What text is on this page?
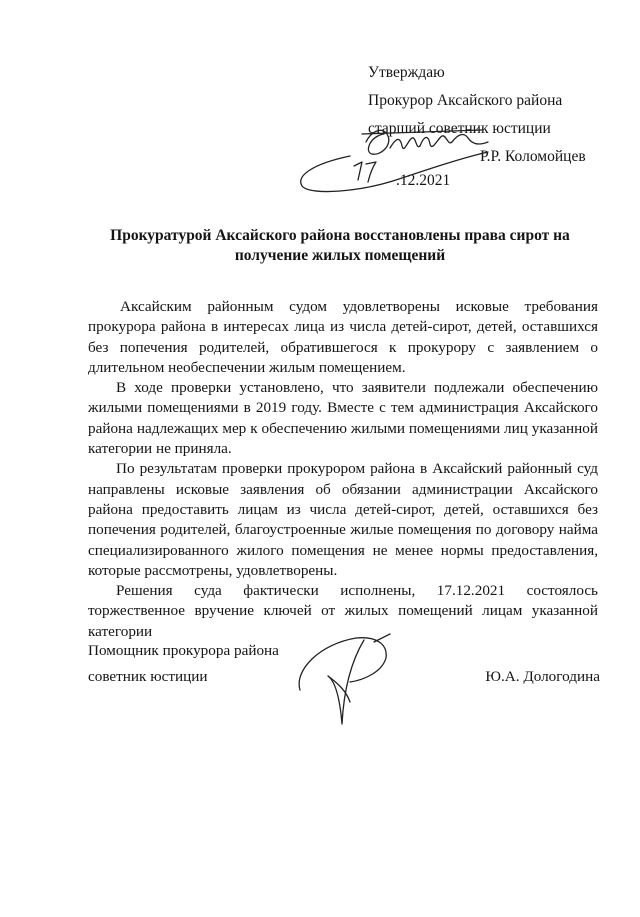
Утверждаю
Прокурор Аксайского района
старший советник юстиции
Р.Р. Коломойцев
.12.2021
Прокуратурой Аксайского района восстановлены права сирот на
получение жилых помещений

Аксайским районным судом удовлетворены исковые требования прокурора района в интересах лица из числа детей-сирот, детей, оставшихся без попечения родителей, обратившегося к прокурору с заявлением о длительном необеспечении жилым помещением.

В ходе проверки установлено, что заявители подлежали обеспечению жилыми помещениями в 2019 году. Вместе с тем администрация Аксайского района надлежащих мер к обеспечению жилыми помещениями лиц указанной категории не приняла.

По результатам проверки прокурором района в Аксайский районный суд направлены исковые заявления об обязании администрации Аксайского района предоставить лицам из числа детей-сирот, детей, оставшихся без попечения родителей, благоустроенные жилые помещения по договору найма специализированного жилого помещения не менее нормы предоставления, которые рассмотрены, удовлетворены.

Решения суда фактически исполнены, 17.12.2021 состоялось торжественное вручение ключей от жилых помещений лицам указанной категории

Помощник прокурора района
советник юстиции	Ю.А. Дологодина
